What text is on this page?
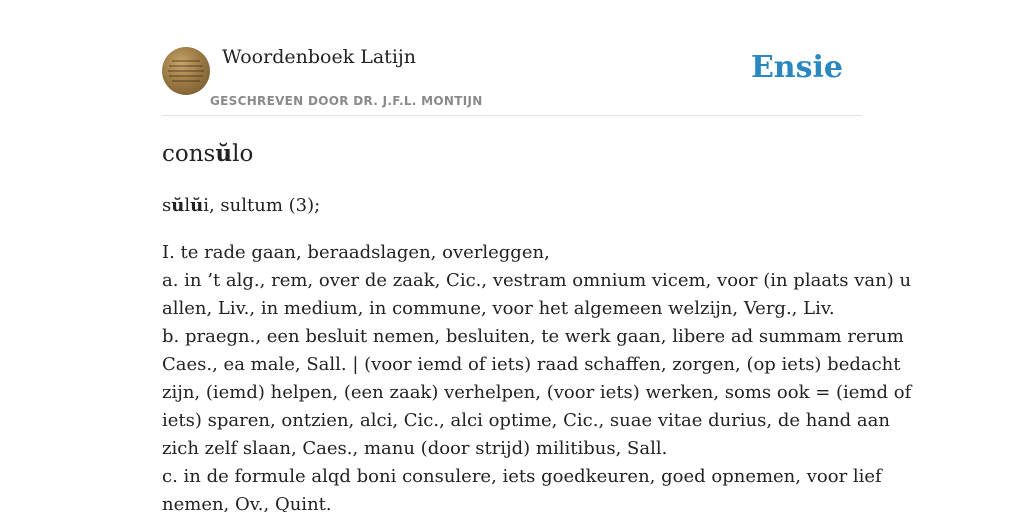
Woordenboek Latijn
GESCHREVEN DOOR DR. J.F.L. MONTIJN
Ensie
consŭlo
sŭlŭi, sultum (3);
I. te rade gaan, beraadslagen, overleggen,
a. in ’t alg., rem, over de zaak, Cic., vestram omnium vicem, voor (in plaats van) u
allen, Liv., in medium, in commune, voor het algemeen welzijn, Verg., Liv.
b. praegn., een besluit nemen, besluiten, te werk gaan, libere ad summam rerum
Caes., ea male, Sall. | (voor iemd of iets) raad schaffen, zorgen, (op iets) bedacht
zijn, (iemd) helpen, (een zaak) verhelpen, (voor iets) werken, soms ook = (iemd of
iets) sparen, ontzien, alci, Cic., alci optime, Cic., suae vitae durius, de hand aan
zich zelf slaan, Caes., manu (door strijd) militibus, Sall.
c. in de formule alqd boni consulere, iets goedkeuren, goed opnemen, voor lief
nemen, Ov., Quint.
